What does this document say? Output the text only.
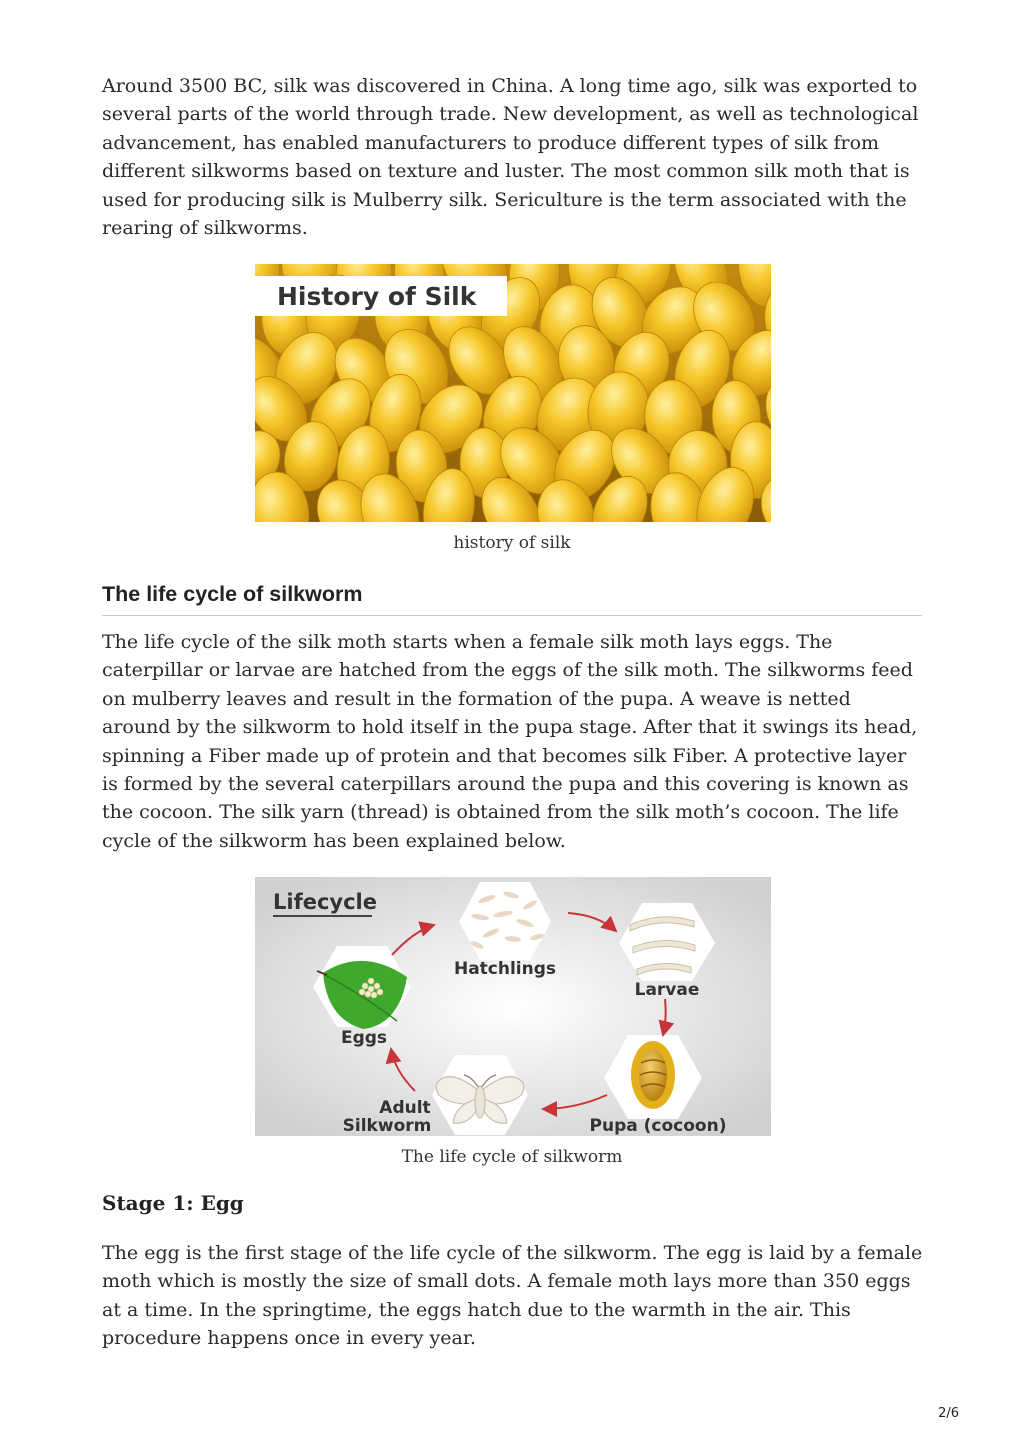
Around 3500 BC, silk was discovered in China. A long time ago, silk was exported to several parts of the world through trade. New development, as well as technological advancement, has enabled manufacturers to produce different types of silk from different silkworms based on texture and luster. The most common silk moth that is used for producing silk is Mulberry silk. Sericulture is the term associated with the rearing of silkworms.

History of Silk
history of silk
The life cycle of silkworm

The life cycle of the silk moth starts when a female silk moth lays eggs. The caterpillar or larvae are hatched from the eggs of the silk moth. The silkworms feed on mulberry leaves and result in the formation of the pupa. A weave is netted around by the silkworm to hold itself in the pupa stage. After that it swings its head, spinning a Fiber made up of protein and that becomes silk Fiber. A protective layer is formed by the several caterpillars around the pupa and this covering is known as the cocoon. The silk yarn (thread) is obtained from the silk moth’s cocoon. The life cycle of the silkworm has been explained below.

Lifecycle
Hatchlings
Larvae
Pupa (cocoon)
Adult
Silkworm
Eggs
The life cycle of silkworm
Stage 1: Egg

The egg is the first stage of the life cycle of the silkworm. The egg is laid by a female moth which is mostly the size of small dots. A female moth lays more than 350 eggs at a time. In the springtime, the eggs hatch due to the warmth in the air. This procedure happens once in every year.

2/6
